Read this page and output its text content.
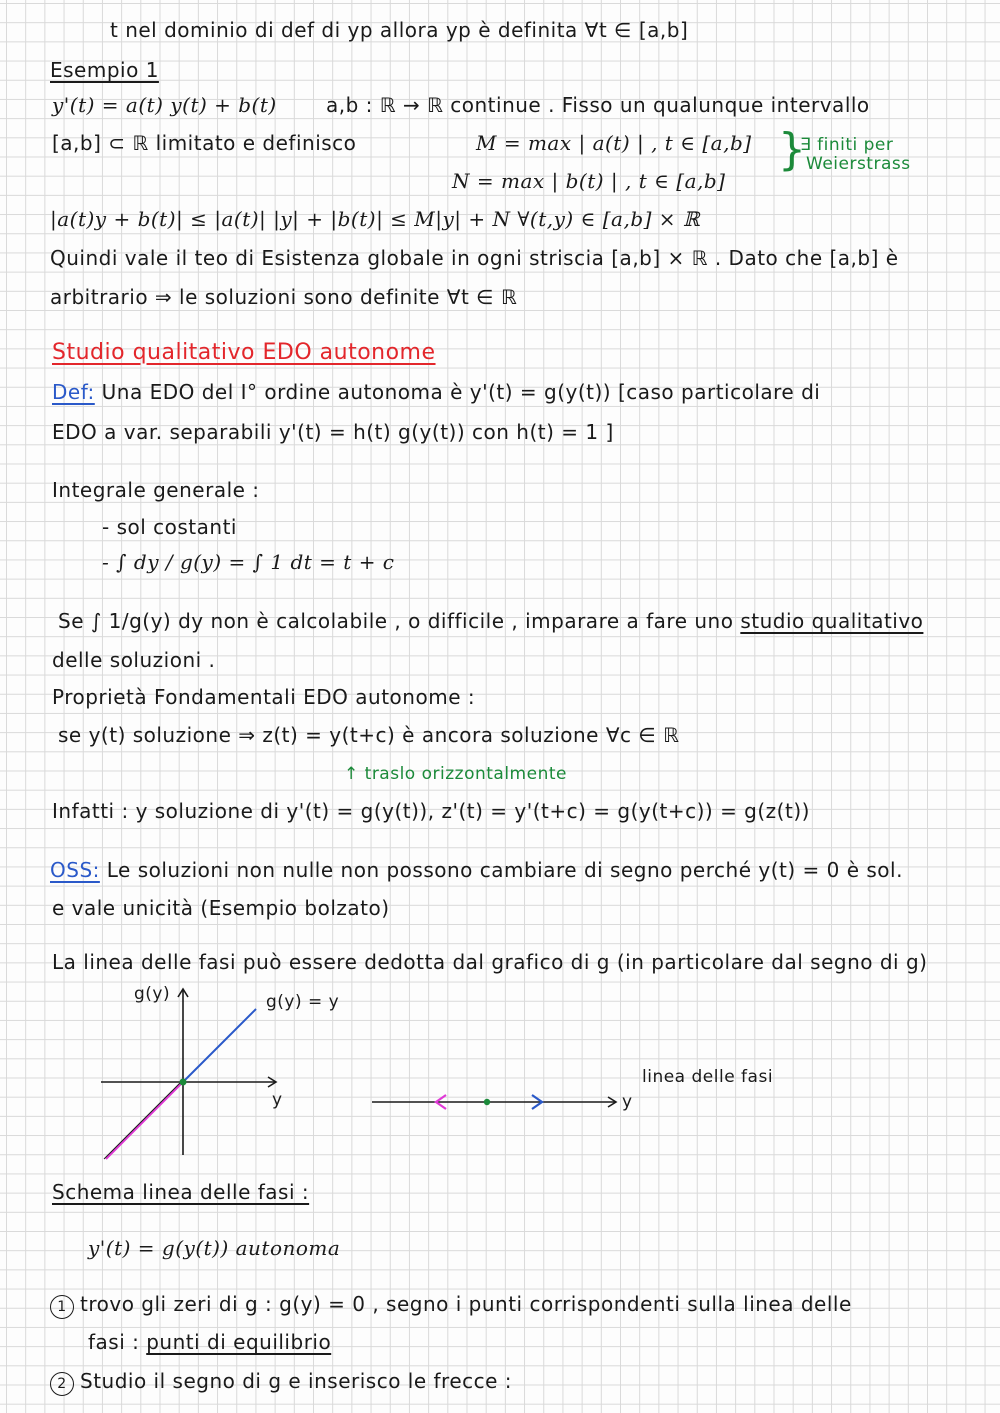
t nel dominio di def di yp allora yp è definita ∀t ∈ [a,b]
Esempio 1
y'(t) = a(t) y(t) + b(t) a,b : ℝ → ℝ continue . Fisso un qualunque intervallo
[a,b] ⊂ ℝ limitato e definisco	M = max | a(t) | , t ∈ [a,b]
N = max | b(t) | , t ∈ [a,b]
}
∃ finiti per
Weierstrass
|a(t)y + b(t)| ≤ |a(t)| |y| + |b(t)| ≤ M|y| + N ∀(t,y) ∈ [a,b] × ℝ
Quindi vale il teo di Esistenza globale in ogni striscia [a,b] × ℝ . Dato che [a,b] è
arbitrario ⇒ le soluzioni sono definite ∀t ∈ ℝ
Studio qualitativo EDO autonome
Def: Una EDO del I° ordine autonoma è y'(t) = g(y(t)) [caso particolare di
EDO a var. separabili y'(t) = h(t) g(y(t)) con h(t) = 1 ]
Integrale generale :
- sol costanti
- ∫ dy / g(y) = ∫ 1 dt = t + c
Se ∫ 1/g(y) dy non è calcolabile , o difficile , imparare a fare uno studio qualitativo
delle soluzioni .
Proprietà Fondamentali EDO autonome :
se y(t) soluzione ⇒ z(t) = y(t+c) è ancora soluzione ∀c ∈ ℝ
↑ traslo orizzontalmente
Infatti : y soluzione di y'(t) = g(y(t)), z'(t) = y'(t+c) = g(y(t+c)) = g(z(t))
OSS: Le soluzioni non nulle non possono cambiare di segno perché y(t) = 0 è sol.
e vale unicità (Esempio bolzato)
La linea delle fasi può essere dedotta dal grafico di g (in particolare dal segno di g)
g(y)	g(y) = y
y	y
linea delle fasi
Schema linea delle fasi :
y'(t) = g(y(t)) autonoma
1 trovo gli zeri di g : g(y) = 0 , segno i punti corrispondenti sulla linea delle
fasi : punti di equilibrio
2 Studio il segno di g e inserisco le frecce :
